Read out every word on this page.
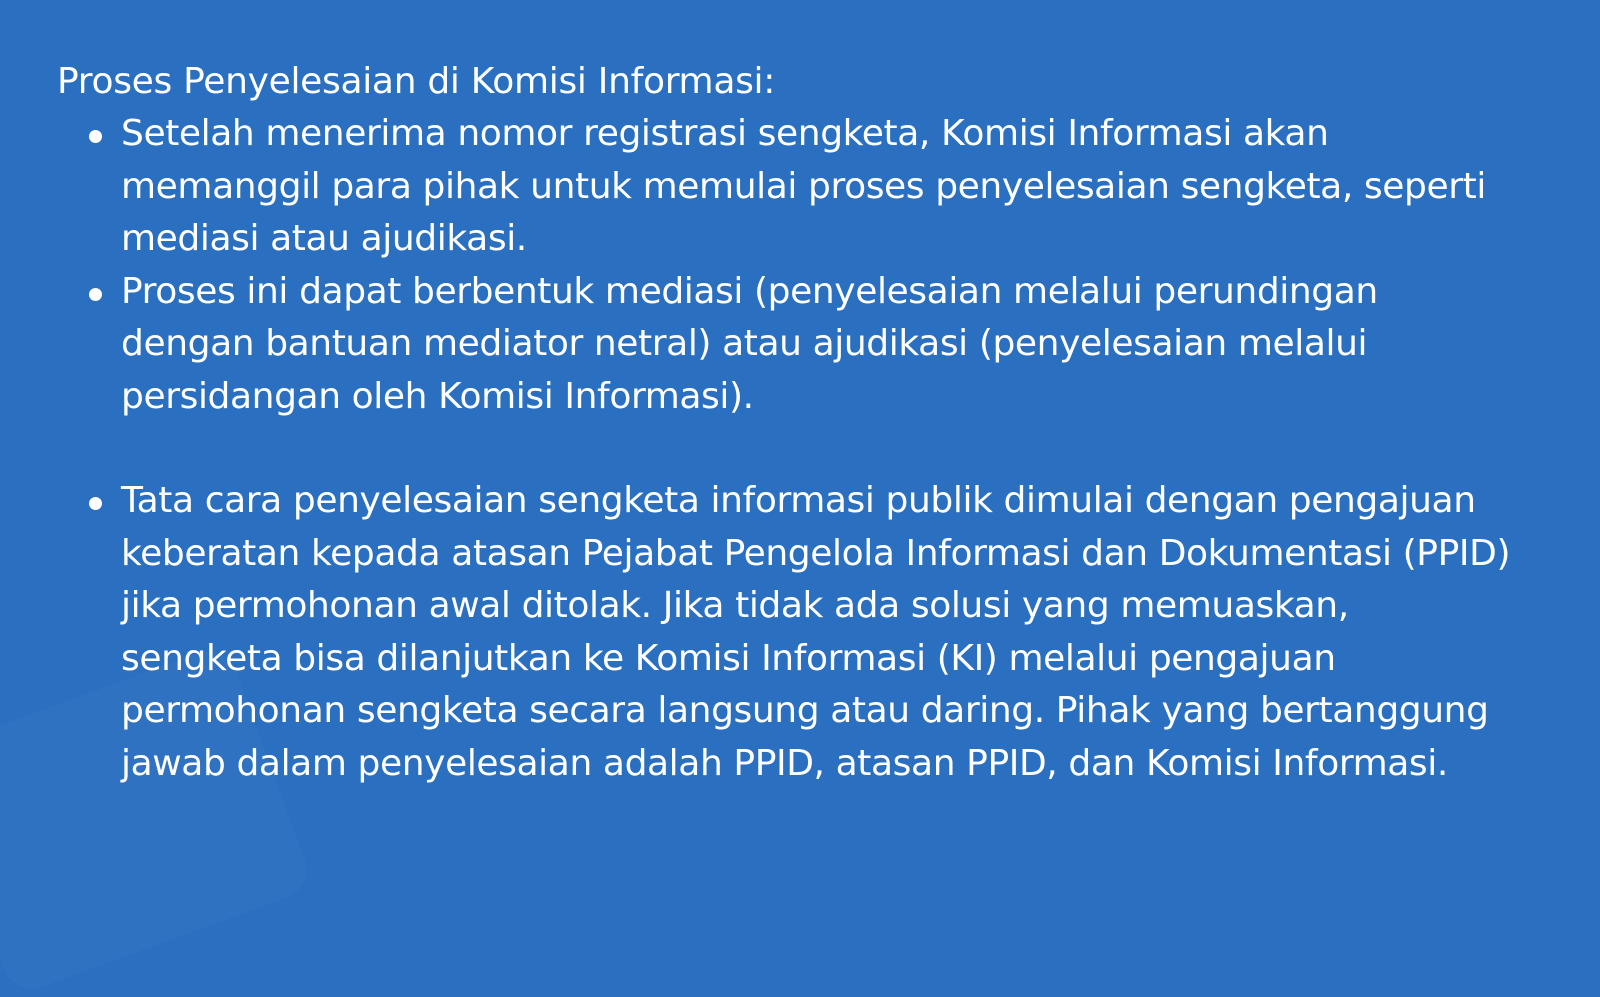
Proses Penyelesaian di Komisi Informasi:

Setelah menerima nomor registrasi sengketa, Komisi Informasi akan memanggil para pihak untuk memulai proses penyelesaian sengketa, seperti mediasi atau ajudikasi.
Proses ini dapat berbentuk mediasi (penyelesaian melalui perundingan dengan bantuan mediator netral) atau ajudikasi (penyelesaian melalui persidangan oleh Komisi Informasi).
Tata cara penyelesaian sengketa informasi publik dimulai dengan pengajuan keberatan kepada atasan Pejabat Pengelola Informasi dan Dokumentasi (PPID) jika permohonan awal ditolak. Jika tidak ada solusi yang memuaskan, sengketa bisa dilanjutkan ke Komisi Informasi (KI) melalui pengajuan permohonan sengketa secara langsung atau daring. Pihak yang bertanggung jawab dalam penyelesaian adalah PPID, atasan PPID, dan Komisi Informasi.
